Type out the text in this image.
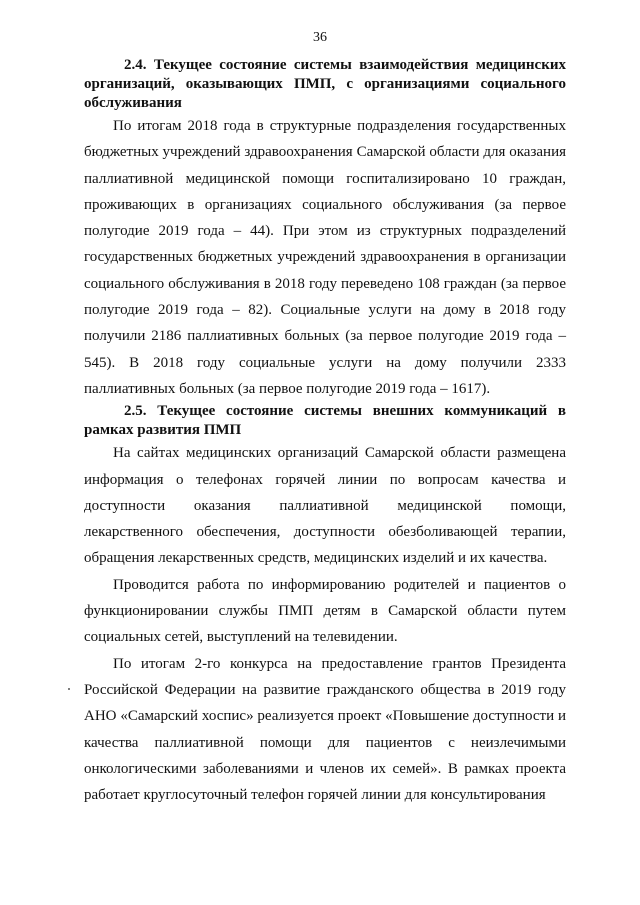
36
2.4. Текущее состояние системы взаимодействия медицинских организаций, оказывающих ПМП, с организациями социального обслуживания

По итогам 2018 года в структурные подразделения государственных бюджетных учреждений здравоохранения Самарской области для оказания паллиативной медицинской помощи госпитализировано 10 граждан, проживающих в организациях социального обслуживания (за первое полугодие 2019 года – 44). При этом из структурных подразделений государственных бюджетных учреждений здравоохранения в организации социального обслуживания в 2018 году переведено 108 граждан (за первое полугодие 2019 года – 82). Социальные услуги на дому в 2018 году получили 2186 паллиативных больных (за первое полугодие 2019 года – 545). В 2018 году социальные услуги на дому получили 2333 паллиативных больных (за первое полугодие 2019 года – 1617).

2.5. Текущее состояние системы внешних коммуникаций в рамках развития ПМП

На сайтах медицинских организаций Самарской области размещена информация о телефонах горячей линии по вопросам качества и доступности оказания паллиативной медицинской помощи, лекарственного обеспечения, доступности обезболивающей терапии, обращения лекарственных средств, медицинских изделий и их качества.

Проводится работа по информированию родителей и пациентов о функционировании службы ПМП детям в Самарской области путем социальных сетей, выступлений на телевидении.

По итогам 2-го конкурса на предоставление грантов Президента Российской Федерации на развитие гражданского общества в 2019 году АНО «Самарский хоспис» реализуется проект «Повышение доступности и качества паллиативной помощи для пациентов с неизлечимыми онкологическими заболеваниями и членов их семей». В рамках проекта работает круглосуточный телефон горячей линии для консультирования
